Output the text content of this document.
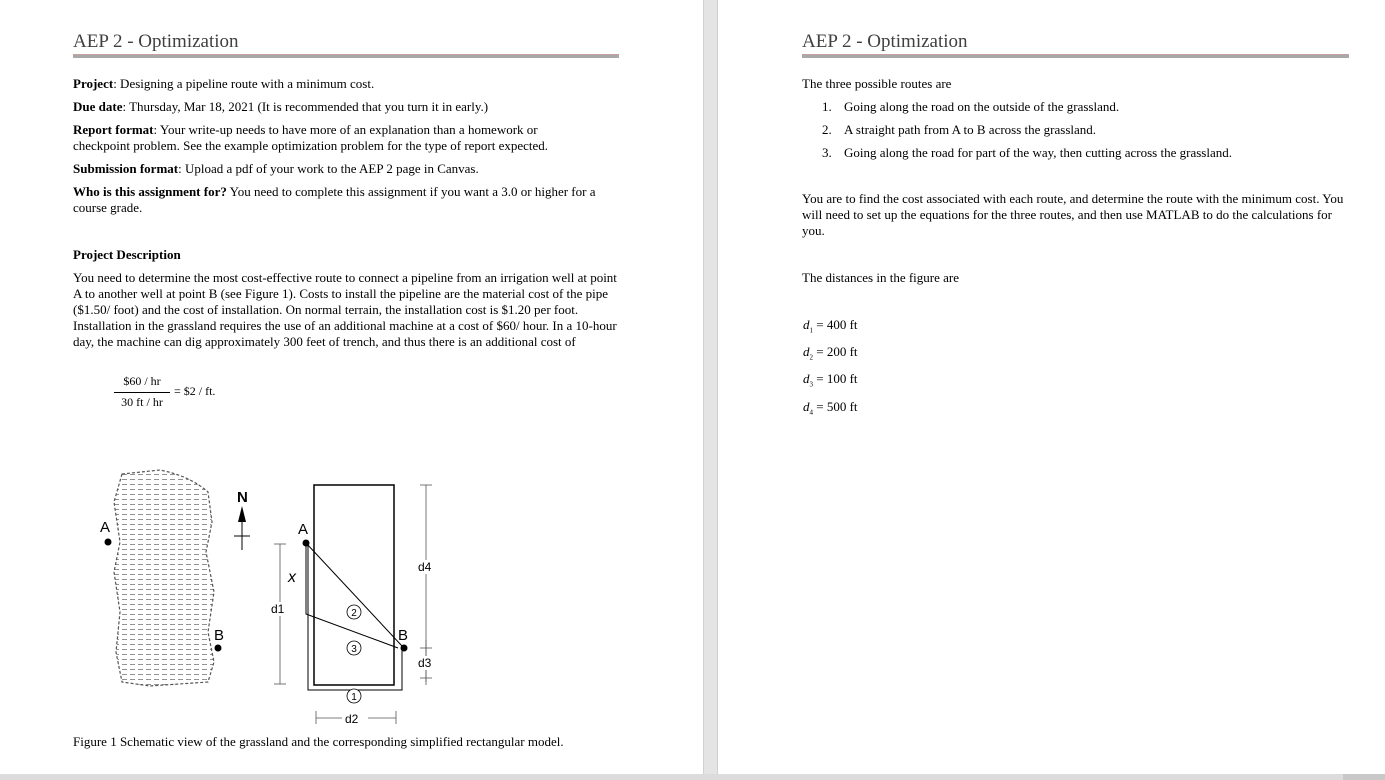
AEP 2 - Optimization

Project: Designing a pipeline route with a minimum cost.

Due date: Thursday, Mar 18, 2021 (It is recommended that you turn it in early.)

Report format: Your write-up needs to have more of an explanation than a homework or checkpoint problem. See the example optimization problem for the type of report expected.

Submission format: Upload a pdf of your work to the AEP 2 page in Canvas.

Who is this assignment for? You need to complete this assignment if you want a 3.0 or higher for a course grade.

Project Description

You need to determine the most cost-effective route to connect a pipeline from an irrigation well at point A to another well at point B (see Figure 1). Costs to install the pipeline are the material cost of the pipe ($1.50/ foot) and the cost of installation. On normal terrain, the installation cost is $1.20 per foot. Installation in the grassland requires the use of an additional machine at a cost of $60/ hour. In a 10-hour day, the machine can dig approximately 300 feet of trench, and thus there is an additional cost of

$60 / hr
30 ft / hr
= $2 / ft.
A
B
N
A
B
x
2
3
1
d1
d4
d3
d2

Figure 1 Schematic view of the grassland and the corresponding simplified rectangular model.

AEP 2 - Optimization

The three possible routes are

1. Going along the road on the outside of the grassland.
2. A straight path from A to B across the grassland.
3. Going along the road for part of the way, then cutting across the grassland.

You are to find the cost associated with each route, and determine the route with the minimum cost. You will need to set up the equations for the three routes, and then use MATLAB to do the calculations for you.

The distances in the figure are

$d_1 = 400$ ft
$d_2 = 200$ ft
$d_3 = 100$ ft
$d_4 = 500$ ft
